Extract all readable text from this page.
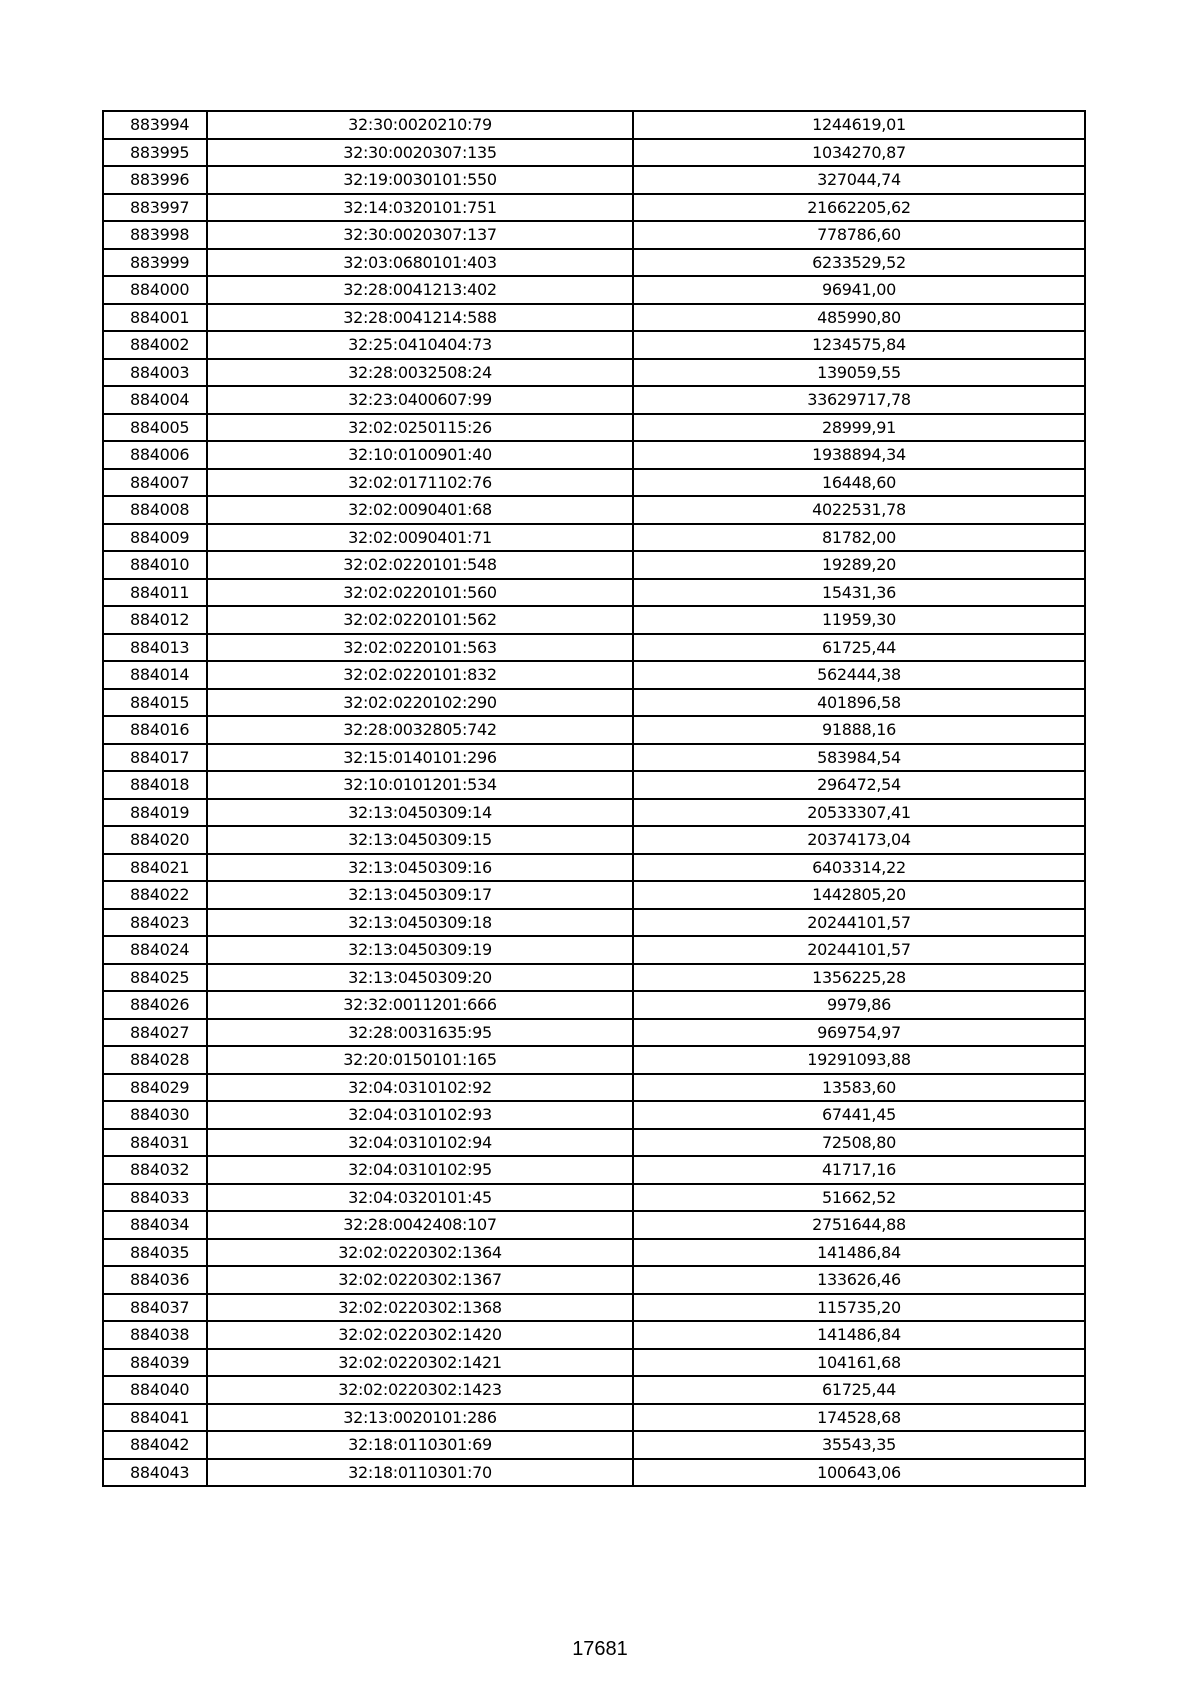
883994	32:30:0020210:79	1244619,01
883995	32:30:0020307:135	1034270,87
883996	32:19:0030101:550	327044,74
883997	32:14:0320101:751	21662205,62
883998	32:30:0020307:137	778786,60
883999	32:03:0680101:403	6233529,52
884000	32:28:0041213:402	96941,00
884001	32:28:0041214:588	485990,80
884002	32:25:0410404:73	1234575,84
884003	32:28:0032508:24	139059,55
884004	32:23:0400607:99	33629717,78
884005	32:02:0250115:26	28999,91
884006	32:10:0100901:40	1938894,34
884007	32:02:0171102:76	16448,60
884008	32:02:0090401:68	4022531,78
884009	32:02:0090401:71	81782,00
884010	32:02:0220101:548	19289,20
884011	32:02:0220101:560	15431,36
884012	32:02:0220101:562	11959,30
884013	32:02:0220101:563	61725,44
884014	32:02:0220101:832	562444,38
884015	32:02:0220102:290	401896,58
884016	32:28:0032805:742	91888,16
884017	32:15:0140101:296	583984,54
884018	32:10:0101201:534	296472,54
884019	32:13:0450309:14	20533307,41
884020	32:13:0450309:15	20374173,04
884021	32:13:0450309:16	6403314,22
884022	32:13:0450309:17	1442805,20
884023	32:13:0450309:18	20244101,57
884024	32:13:0450309:19	20244101,57
884025	32:13:0450309:20	1356225,28
884026	32:32:0011201:666	9979,86
884027	32:28:0031635:95	969754,97
884028	32:20:0150101:165	19291093,88
884029	32:04:0310102:92	13583,60
884030	32:04:0310102:93	67441,45
884031	32:04:0310102:94	72508,80
884032	32:04:0310102:95	41717,16
884033	32:04:0320101:45	51662,52
884034	32:28:0042408:107	2751644,88
884035	32:02:0220302:1364	141486,84
884036	32:02:0220302:1367	133626,46
884037	32:02:0220302:1368	115735,20
884038	32:02:0220302:1420	141486,84
884039	32:02:0220302:1421	104161,68
884040	32:02:0220302:1423	61725,44
884041	32:13:0020101:286	174528,68
884042	32:18:0110301:69	35543,35
884043	32:18:0110301:70	100643,06
17681
